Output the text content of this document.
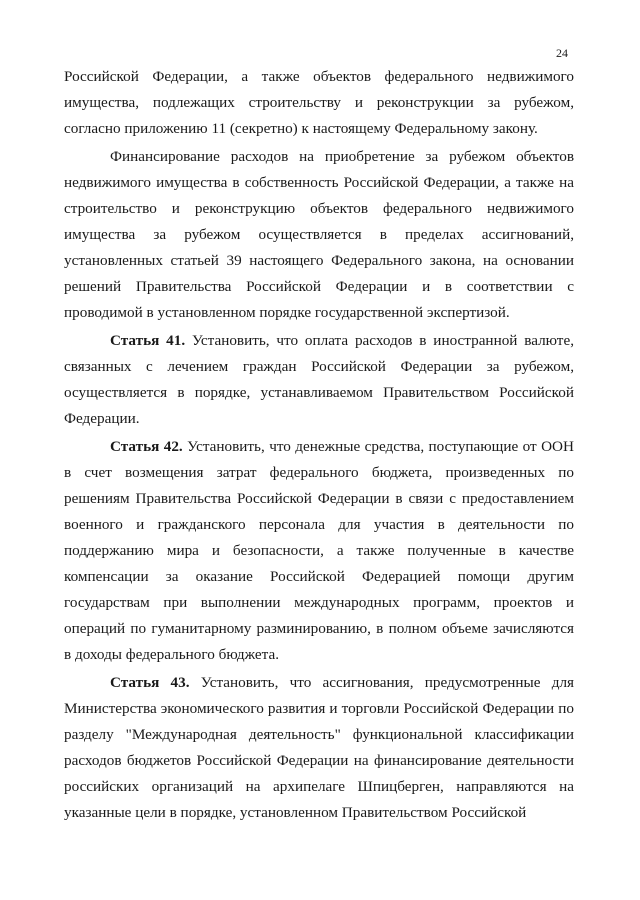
24

Российской Федерации, а также объектов федерального недвижимого имущества, подлежащих строительству и реконструкции за рубежом, согласно приложению 11 (секретно) к настоящему Федеральному закону.

Финансирование расходов на приобретение за рубежом объектов недвижимого имущества в собственность Российской Федерации, а также на строительство и реконструкцию объектов федерального недвижимого имущества за рубежом осуществляется в пределах ассигнований, установленных статьей 39 настоящего Федерального закона, на основании решений Правительства Российской Федерации и в соответствии с проводимой в установленном порядке государственной экспертизой.

Статья 41. Установить, что оплата расходов в иностранной валюте, связанных с лечением граждан Российской Федерации за рубежом, осуществляется в порядке, устанавливаемом Правительством Российской Федерации.

Статья 42. Установить, что денежные средства, поступающие от ООН в счет возмещения затрат федерального бюджета, произведенных по решениям Правительства Российской Федерации в связи с предоставлением военного и гражданского персонала для участия в деятельности по поддержанию мира и безопасности, а также полученные в качестве компенсации за оказание Российской Федерацией помощи другим государствам при выполнении международных программ, проектов и операций по гуманитарному разминированию, в полном объеме зачисляются в доходы федерального бюджета.

Статья 43. Установить, что ассигнования, предусмотренные для Министерства экономического развития и торговли Российской Федерации по разделу "Международная деятельность" функциональной классификации расходов бюджетов Российской Федерации на финансирование деятельности российских организаций на архипелаге Шпицберген, направляются на указанные цели в порядке, установленном Правительством Российской
